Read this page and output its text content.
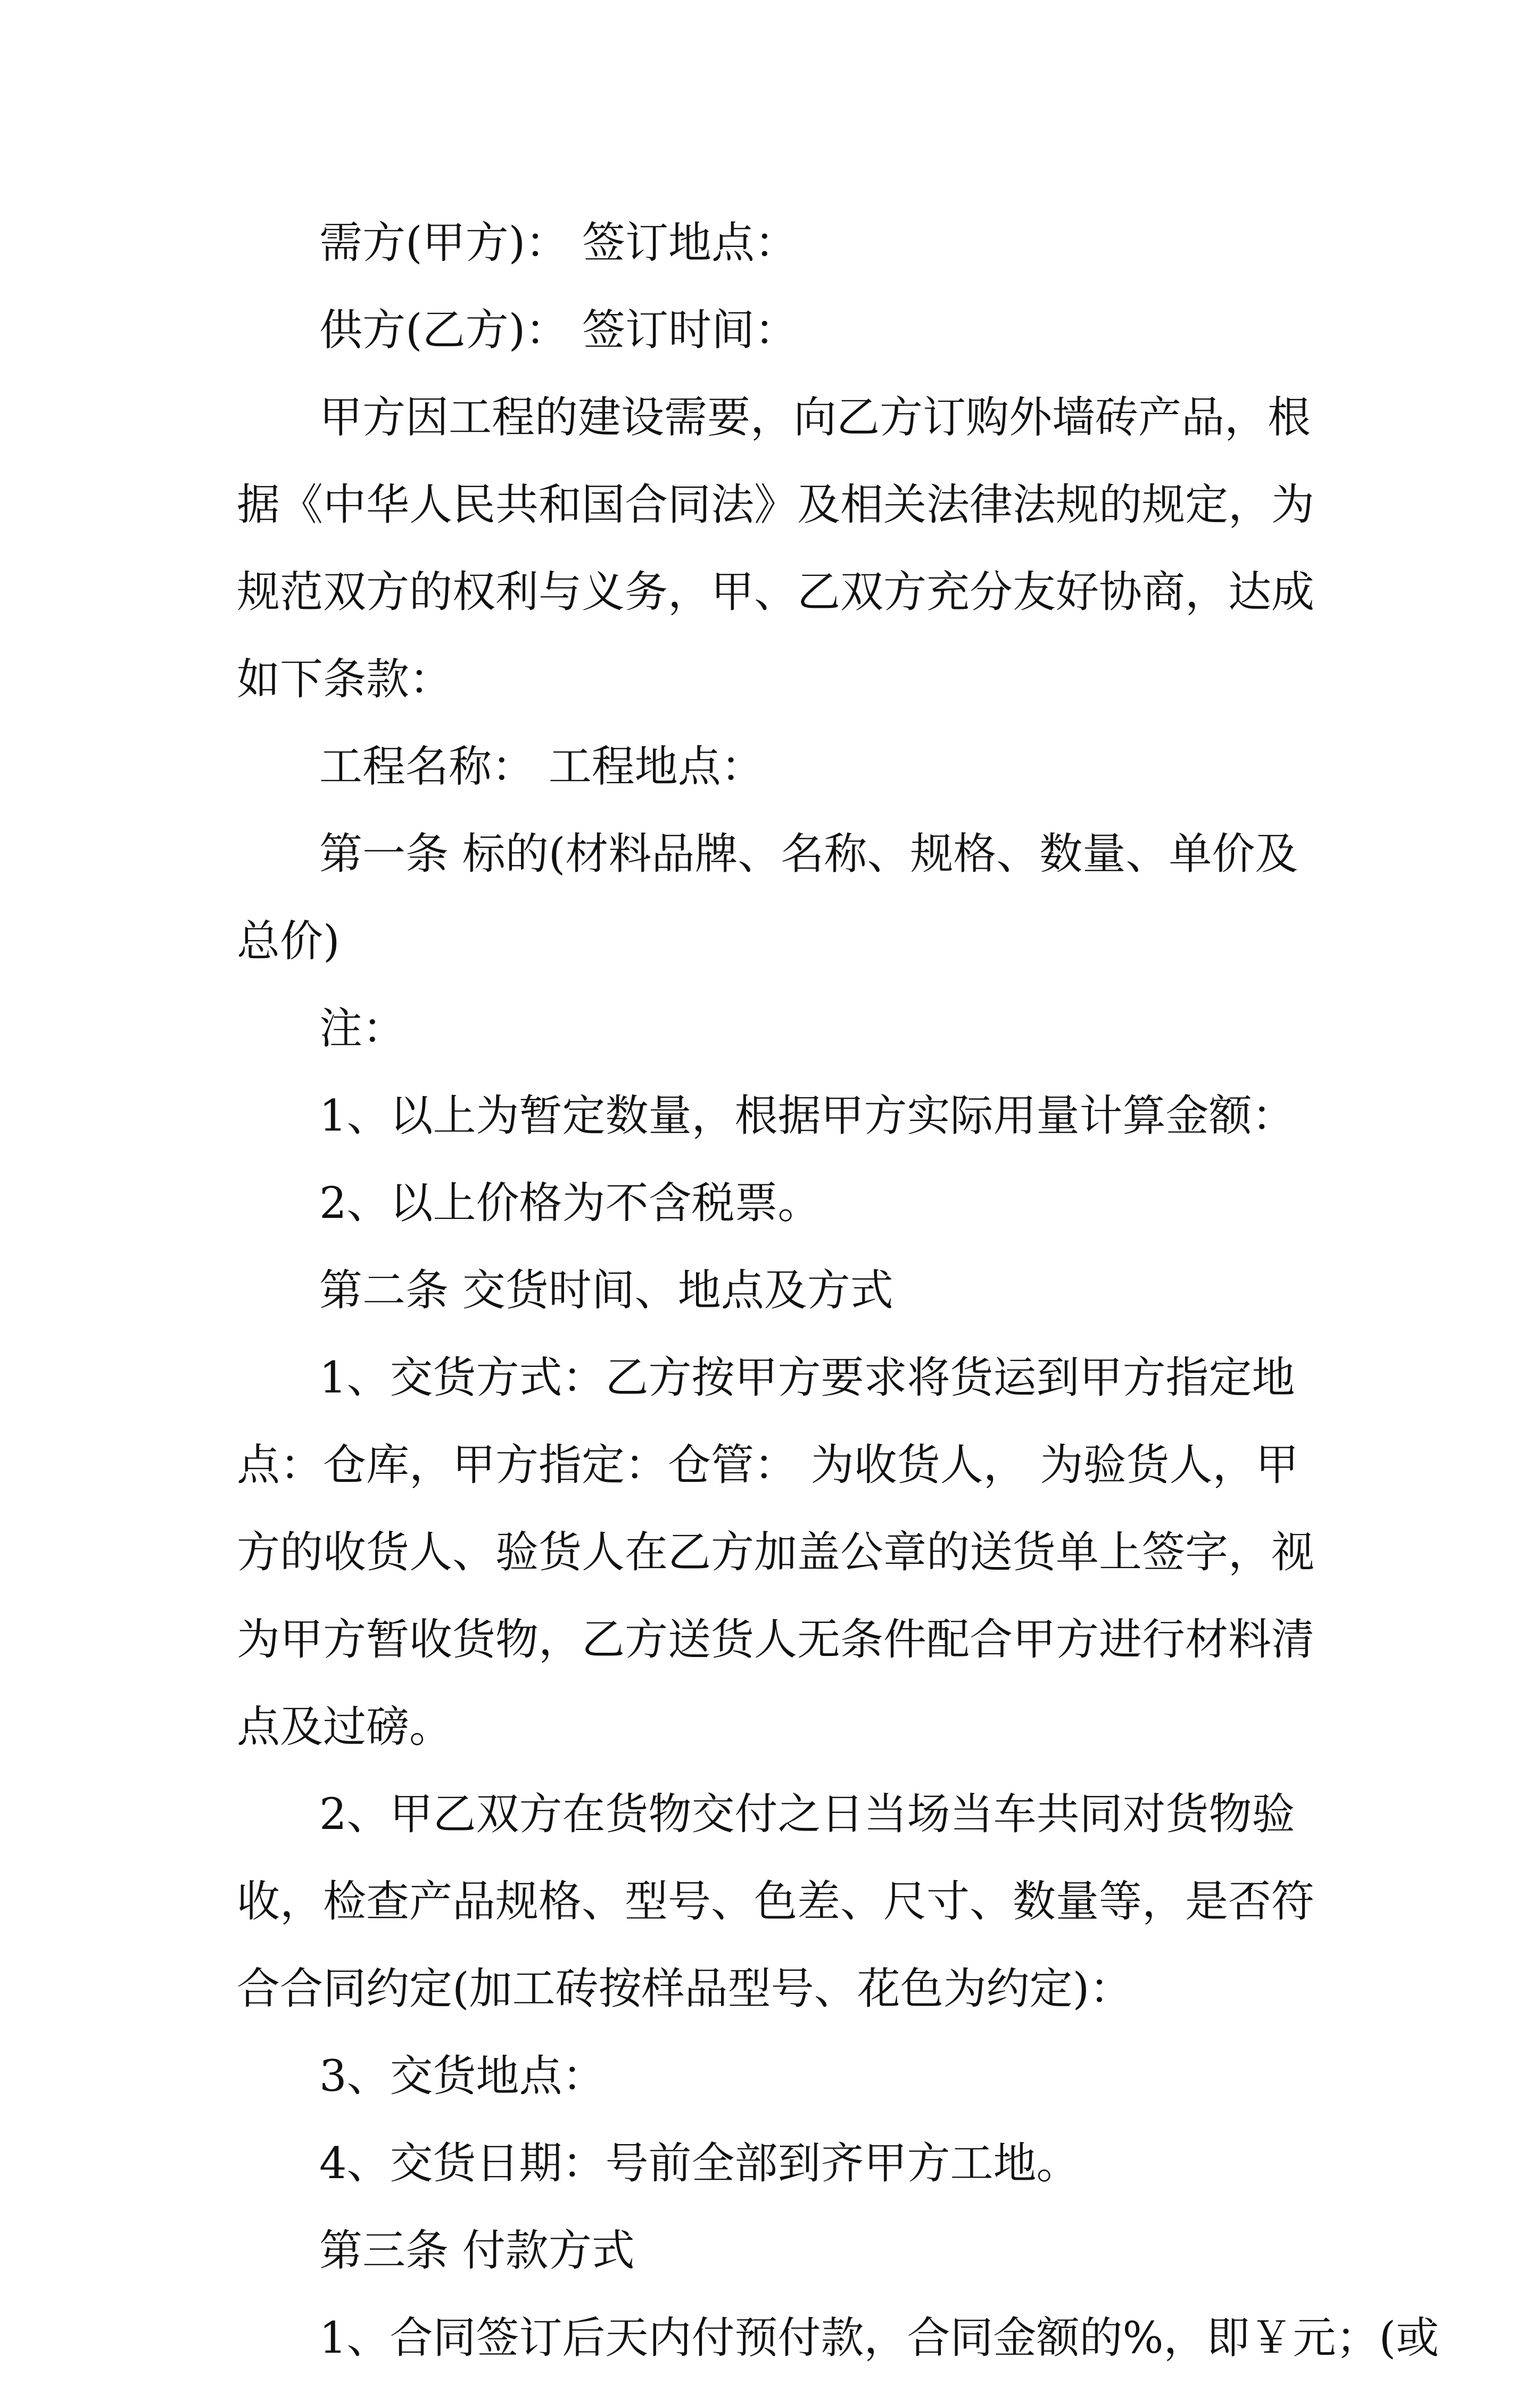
需方(甲方)： 签订地点：

供方(乙方)： 签订时间：

甲方因工程的建设需要，向乙方订购外墙砖产品，根据《中华人民共和国合同法》及相关法律法规的规定，为规范双方的权利与义务，甲、乙双方充分友好协商，达成如下条款：

工程名称： 工程地点：

第一条 标的(材料品牌、名称、规格、数量、单价及总价)

注：

1、以上为暂定数量，根据甲方实际用量计算金额：

2、以上价格为不含税票。

第二条 交货时间、地点及方式

1、交货方式：乙方按甲方要求将货运到甲方指定地点：仓库，甲方指定：仓管： 为收货人， 为验货人，甲方的收货人、验货人在乙方加盖公章的送货单上签字，视为甲方暂收货物，乙方送货人无条件配合甲方进行材料清点及过磅。

2、甲乙双方在货物交付之日当场当车共同对货物验收，检查产品规格、型号、色差、尺寸、数量等，是否符合合同约定(加工砖按样品型号、花色为约定)：

3、交货地点：

4、交货日期：号前全部到齐甲方工地。

第三条 付款方式

1、合同签订后天内付预付款，合同金额的%，即￥元；(或
